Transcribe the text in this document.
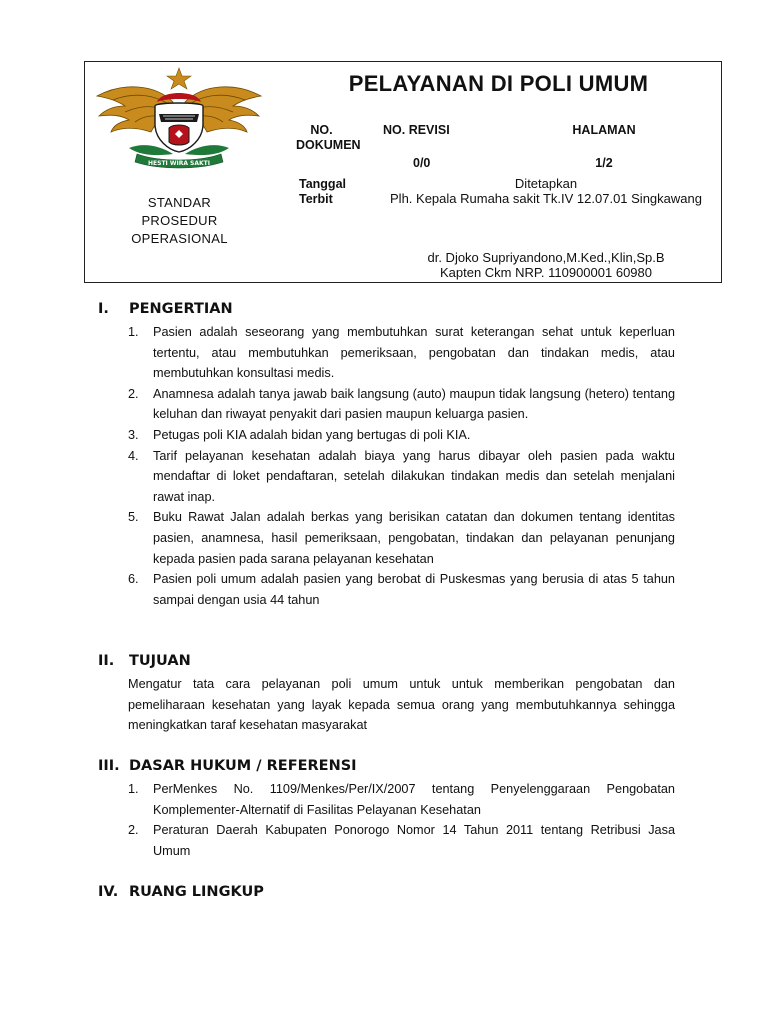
HESTI WIRA SAKTI
PELAYANAN DI POLI UMUM
NO.
DOKUMEN
NO. REVISI
0/0
HALAMAN
1/2
STANDAR
PROSEDUR
OPERASIONAL
Tanggal
Terbit
Ditetapkan
Plh. Kepala Rumaha sakit Tk.IV 12.07.01 Singkawang
dr. Djoko Supriyandono,M.Ked.,Klin,Sp.B
Kapten Ckm NRP. 110900001 60980
I. PENGERTIAN
1. Pasien adalah seseorang yang membutuhkan surat keterangan sehat untuk keperluan tertentu, atau membutuhkan pemeriksaan, pengobatan dan tindakan medis, atau membutuhkan konsultasi medis.
2. Anamnesa adalah tanya jawab baik langsung (auto) maupun tidak langsung (hetero) tentang keluhan dan riwayat penyakit dari pasien maupun keluarga pasien.
3. Petugas poli KIA adalah bidan yang bertugas di poli KIA.
4. Tarif pelayanan kesehatan adalah biaya yang harus dibayar oleh pasien pada waktu mendaftar di loket pendaftaran, setelah dilakukan tindakan medis dan setelah menjalani rawat inap.
5. Buku Rawat Jalan adalah berkas yang berisikan catatan dan dokumen tentang identitas pasien, anamnesa, hasil pemeriksaan, pengobatan, tindakan dan pelayanan penunjang kepada pasien pada sarana pelayanan kesehatan
6. Pasien poli umum adalah pasien yang berobat di Puskesmas yang berusia di atas 5 tahun sampai dengan usia 44 tahun
II. TUJUAN
Mengatur tata cara pelayanan poli umum untuk untuk memberikan pengobatan dan pemeliharaan kesehatan yang layak kepada semua orang yang membutuhkannya sehingga meningkatkan taraf kesehatan masyarakat
III. DASAR HUKUM / REFERENSI
1. PerMenkes No. 1109/Menkes/Per/IX/2007 tentang Penyelenggaraan Pengobatan Komplementer-Alternatif di Fasilitas Pelayanan Kesehatan
2. Peraturan Daerah Kabupaten Ponorogo Nomor 14 Tahun 2011 tentang Retribusi Jasa Umum
IV. RUANG LINGKUP
